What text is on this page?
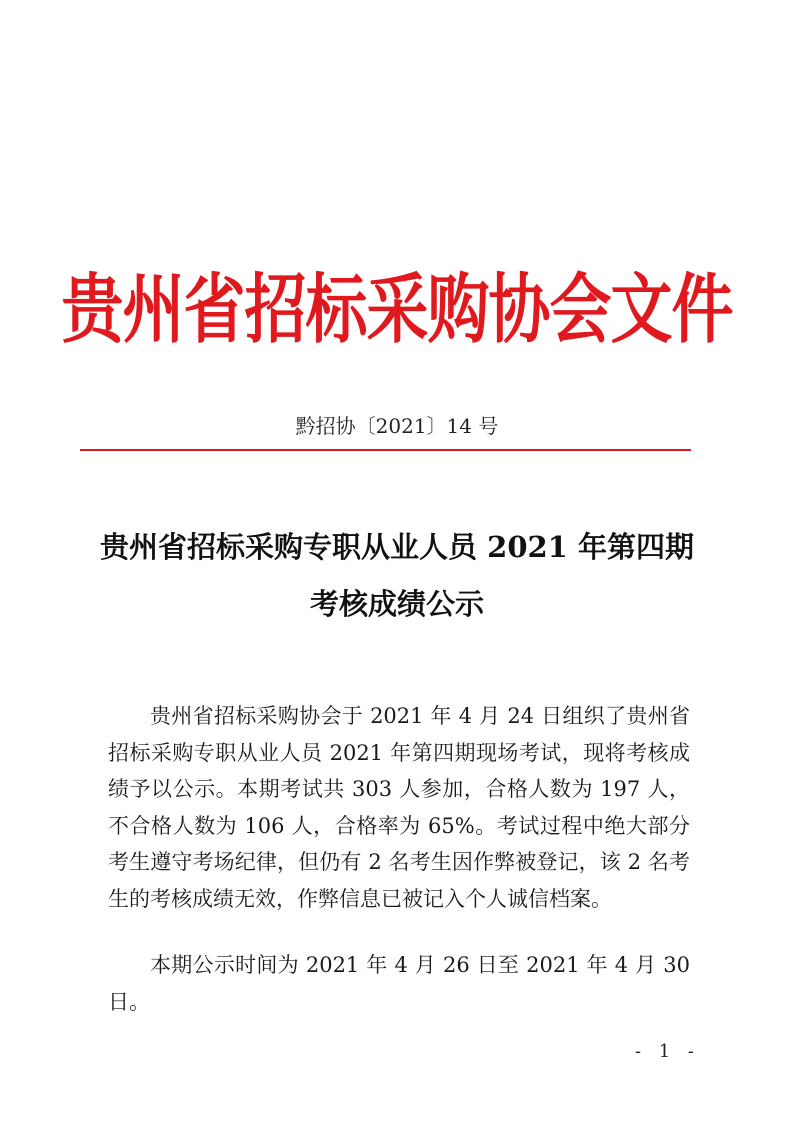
贵州省招标采购协会文件
黔招协〔2021〕14 号
贵州省招标采购专职从业人员 2021 年第四期
考核成绩公示

贵州省招标采购协会于 2021 年 4 月 24 日组织了贵州省招标采购专职从业人员 2021 年第四期现场考试，现将考核成绩予以公示。本期考试共 303 人参加，合格人数为 197 人，不合格人数为 106 人，合格率为 65%。考试过程中绝大部分考生遵守考场纪律，但仍有 2 名考生因作弊被登记，该 2 名考生的考核成绩无效，作弊信息已被记入个人诚信档案。

本期公示时间为 2021 年 4 月 26 日至 2021 年 4 月 30 日。

- 1 -
